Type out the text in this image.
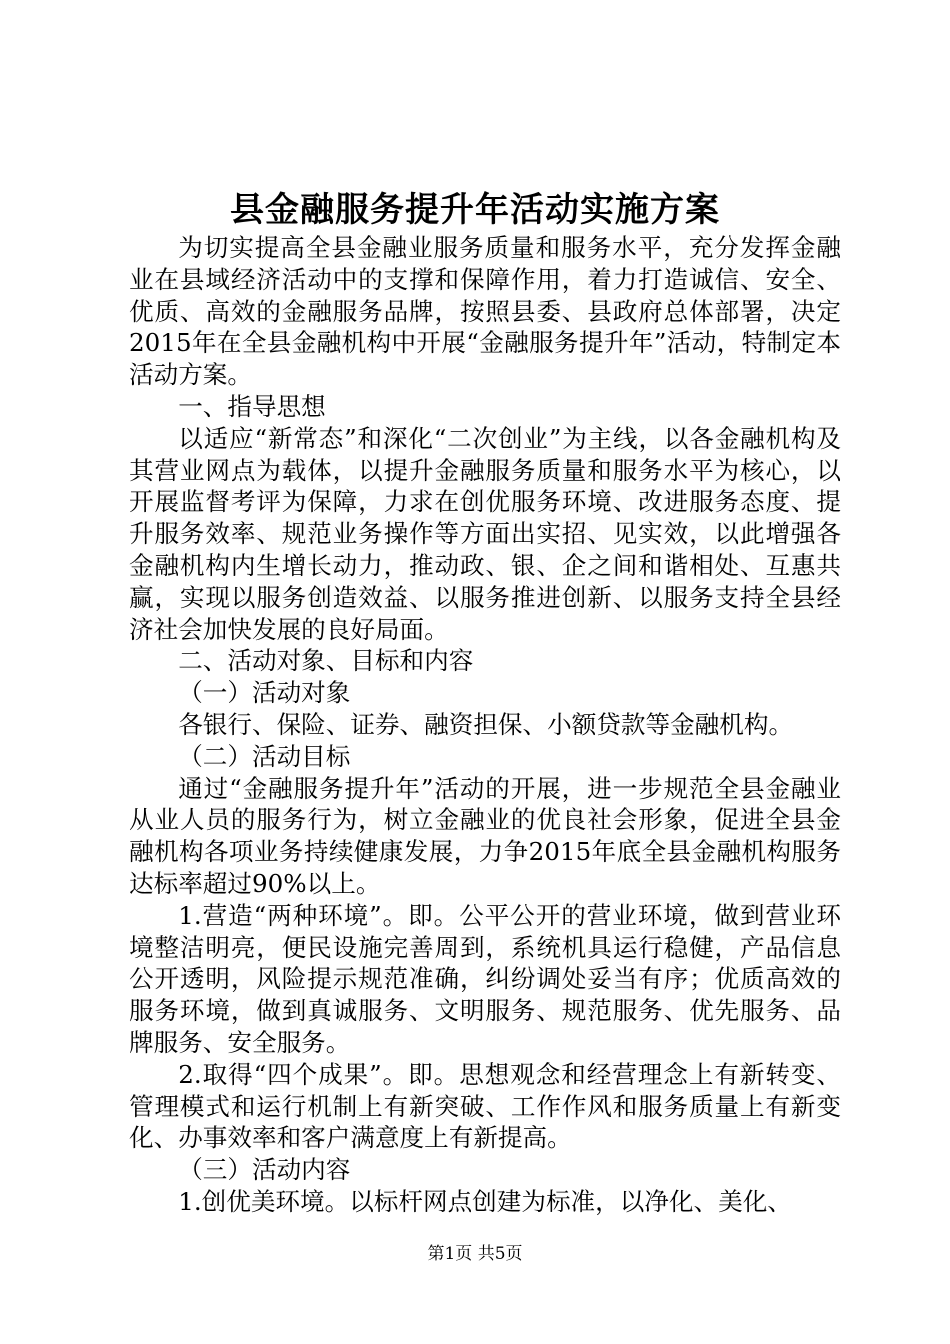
县金融服务提升年活动实施方案

为切实提高全县金融业服务质量和服务水平，充分发挥金融业在县域经济活动中的支撑和保障作用，着力打造诚信、安全、优质、高效的金融服务品牌，按照县委、县政府总体部署，决定2015年在全县金融机构中开展“金融服务提升年”活动，特制定本活动方案。

一、指导思想

以适应“新常态”和深化“二次创业”为主线，以各金融机构及其营业网点为载体，以提升金融服务质量和服务水平为核心，以开展监督考评为保障，力求在创优服务环境、改进服务态度、提升服务效率、规范业务操作等方面出实招、见实效，以此增强各金融机构内生增长动力，推动政、银、企之间和谐相处、互惠共赢，实现以服务创造效益、以服务推进创新、以服务支持全县经济社会加快发展的良好局面。

二、活动对象、目标和内容

（一）活动对象

各银行、保险、证券、融资担保、小额贷款等金融机构。

（二）活动目标

通过“金融服务提升年”活动的开展，进一步规范全县金融业从业人员的服务行为，树立金融业的优良社会形象，促进全县金融机构各项业务持续健康发展，力争2015年底全县金融机构服务达标率超过90%以上。

1.营造“两种环境”。即。公平公开的营业环境，做到营业环境整洁明亮，便民设施完善周到，系统机具运行稳健，产品信息公开透明，风险提示规范准确，纠纷调处妥当有序；优质高效的服务环境，做到真诚服务、文明服务、规范服务、优先服务、品牌服务、安全服务。

2.取得“四个成果”。即。思想观念和经营理念上有新转变、管理模式和运行机制上有新突破、工作作风和服务质量上有新变化、办事效率和客户满意度上有新提高。

（三）活动内容

1.创优美环境。以标杆网点创建为标准，以净化、美化、

第1页 共5页
